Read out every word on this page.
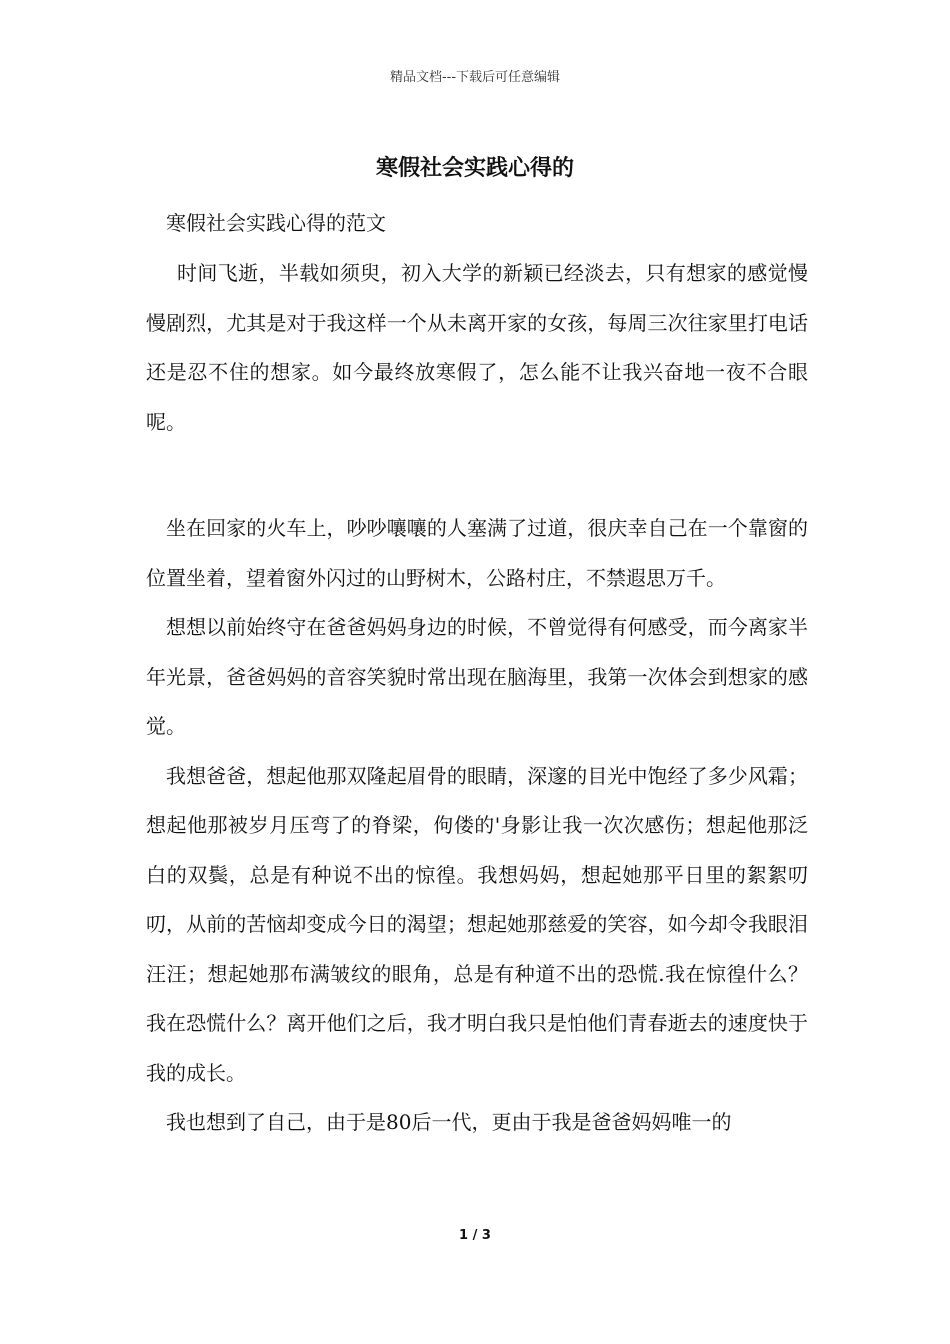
精品文档---下载后可任意编辑
寒假社会实践心得的

寒假社会实践心得的范文

时间飞逝，半载如须臾，初入大学的新颖已经淡去，只有想家的感觉慢慢剧烈，尤其是对于我这样一个从未离开家的女孩，每周三次往家里打电话还是忍不住的想家。如今最终放寒假了，怎么能不让我兴奋地一夜不合眼呢。

坐在回家的火车上，吵吵嚷嚷的人塞满了过道，很庆幸自己在一个靠窗的位置坐着，望着窗外闪过的山野树木，公路村庄，不禁遐思万千。

想想以前始终守在爸爸妈妈身边的时候，不曾觉得有何感受，而今离家半年光景，爸爸妈妈的音容笑貌时常出现在脑海里，我第一次体会到想家的感觉。

我想爸爸，想起他那双隆起眉骨的眼睛，深邃的目光中饱经了多少风霜；想起他那被岁月压弯了的脊梁，佝偻的'身影让我一次次感伤；想起他那泛白的双鬓，总是有种说不出的惊徨。我想妈妈，想起她那平日里的絮絮叨叨，从前的苦恼却变成今日的渴望；想起她那慈爱的笑容，如今却令我眼泪汪汪；想起她那布满皱纹的眼角，总是有种道不出的恐慌.我在惊徨什么？我在恐慌什么？离开他们之后，我才明白我只是怕他们青春逝去的速度快于我的成长。

我也想到了自己，由于是80后一代，更由于我是爸爸妈妈唯一的

1 / 3
